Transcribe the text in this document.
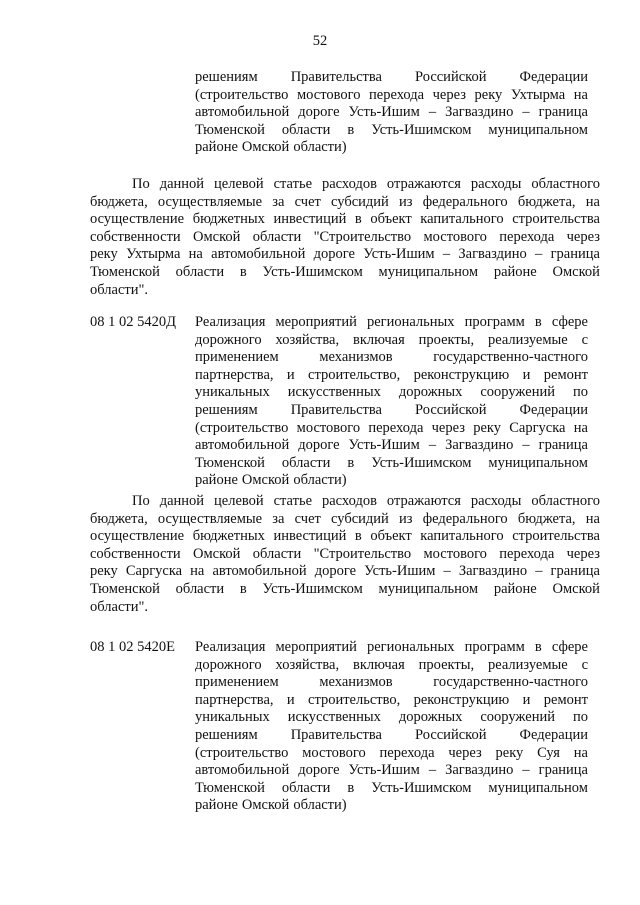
52
решениям Правительства Российской Федерации
(строительство мостового перехода через реку Ухтырма на
автомобильной дороге Усть-Ишим – Загваздино – граница
Тюменской области в Усть-Ишимском муниципальном
районе Омской области)
По данной целевой статье расходов отражаются расходы областного
бюджета, осуществляемые за счет субсидий из федерального бюджета, на
осуществление бюджетных инвестиций в объект капитального строительства
собственности Омской области "Строительство мостового перехода через
реку Ухтырма на автомобильной дороге Усть-Ишим – Загваздино – граница
Тюменской области в Усть-Ишимском муниципальном районе Омской
области".
08 1 02 5420Д Реализация мероприятий региональных программ в сфере
дорожного хозяйства, включая проекты, реализуемые с
применением	механизмов	государственно-частного
партнерства, и строительство, реконструкцию и ремонт
уникальных искусственных дорожных сооружений по
решениям Правительства Российской Федерации
(строительство мостового перехода через реку Саргуска на
автомобильной дороге Усть-Ишим – Загваздино – граница
Тюменской области в Усть-Ишимском муниципальном
районе Омской области)
По данной целевой статье расходов отражаются расходы областного
бюджета, осуществляемые за счет субсидий из федерального бюджета, на
осуществление бюджетных инвестиций в объект капитального строительства
собственности Омской области "Строительство мостового перехода через
реку Саргуска на автомобильной дороге Усть-Ишим – Загваздино – граница
Тюменской области в Усть-Ишимском муниципальном районе Омской
области".
08 1 02 5420Е Реализация мероприятий региональных программ в сфере
дорожного хозяйства, включая проекты, реализуемые с
применением	механизмов	государственно-частного
партнерства, и строительство, реконструкцию и ремонт
уникальных искусственных дорожных сооружений по
решениям Правительства Российской Федерации
(строительство мостового перехода через реку Суя на
автомобильной дороге Усть-Ишим – Загваздино – граница
Тюменской области в Усть-Ишимском муниципальном
районе Омской области)
